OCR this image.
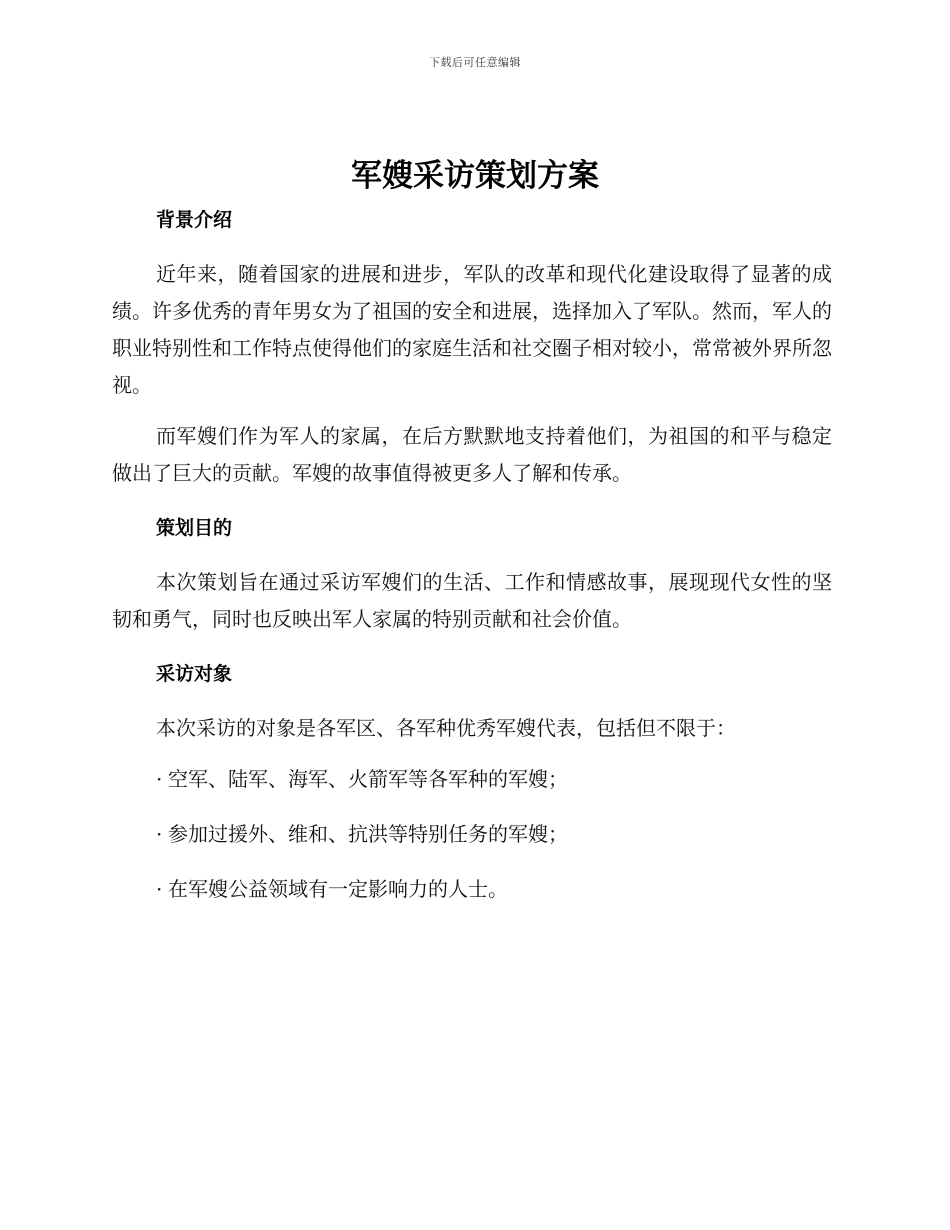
下载后可任意编辑
军嫂采访策划方案
背景介绍

近年来，随着国家的进展和进步，军队的改革和现代化建设取得了显著的成绩。许多优秀的青年男女为了祖国的安全和进展，选择加入了军队。然而，军人的职业特别性和工作特点使得他们的家庭生活和社交圈子相对较小，常常被外界所忽视。

而军嫂们作为军人的家属，在后方默默地支持着他们，为祖国的和平与稳定做出了巨大的贡献。军嫂的故事值得被更多人了解和传承。

策划目的

本次策划旨在通过采访军嫂们的生活、工作和情感故事，展现现代女性的坚韧和勇气，同时也反映出军人家属的特别贡献和社会价值。

采访对象

本次采访的对象是各军区、各军种优秀军嫂代表，包括但不限于：

· 空军、陆军、海军、火箭军等各军种的军嫂；
· 参加过援外、维和、抗洪等特别任务的军嫂；
· 在军嫂公益领域有一定影响力的人士。
